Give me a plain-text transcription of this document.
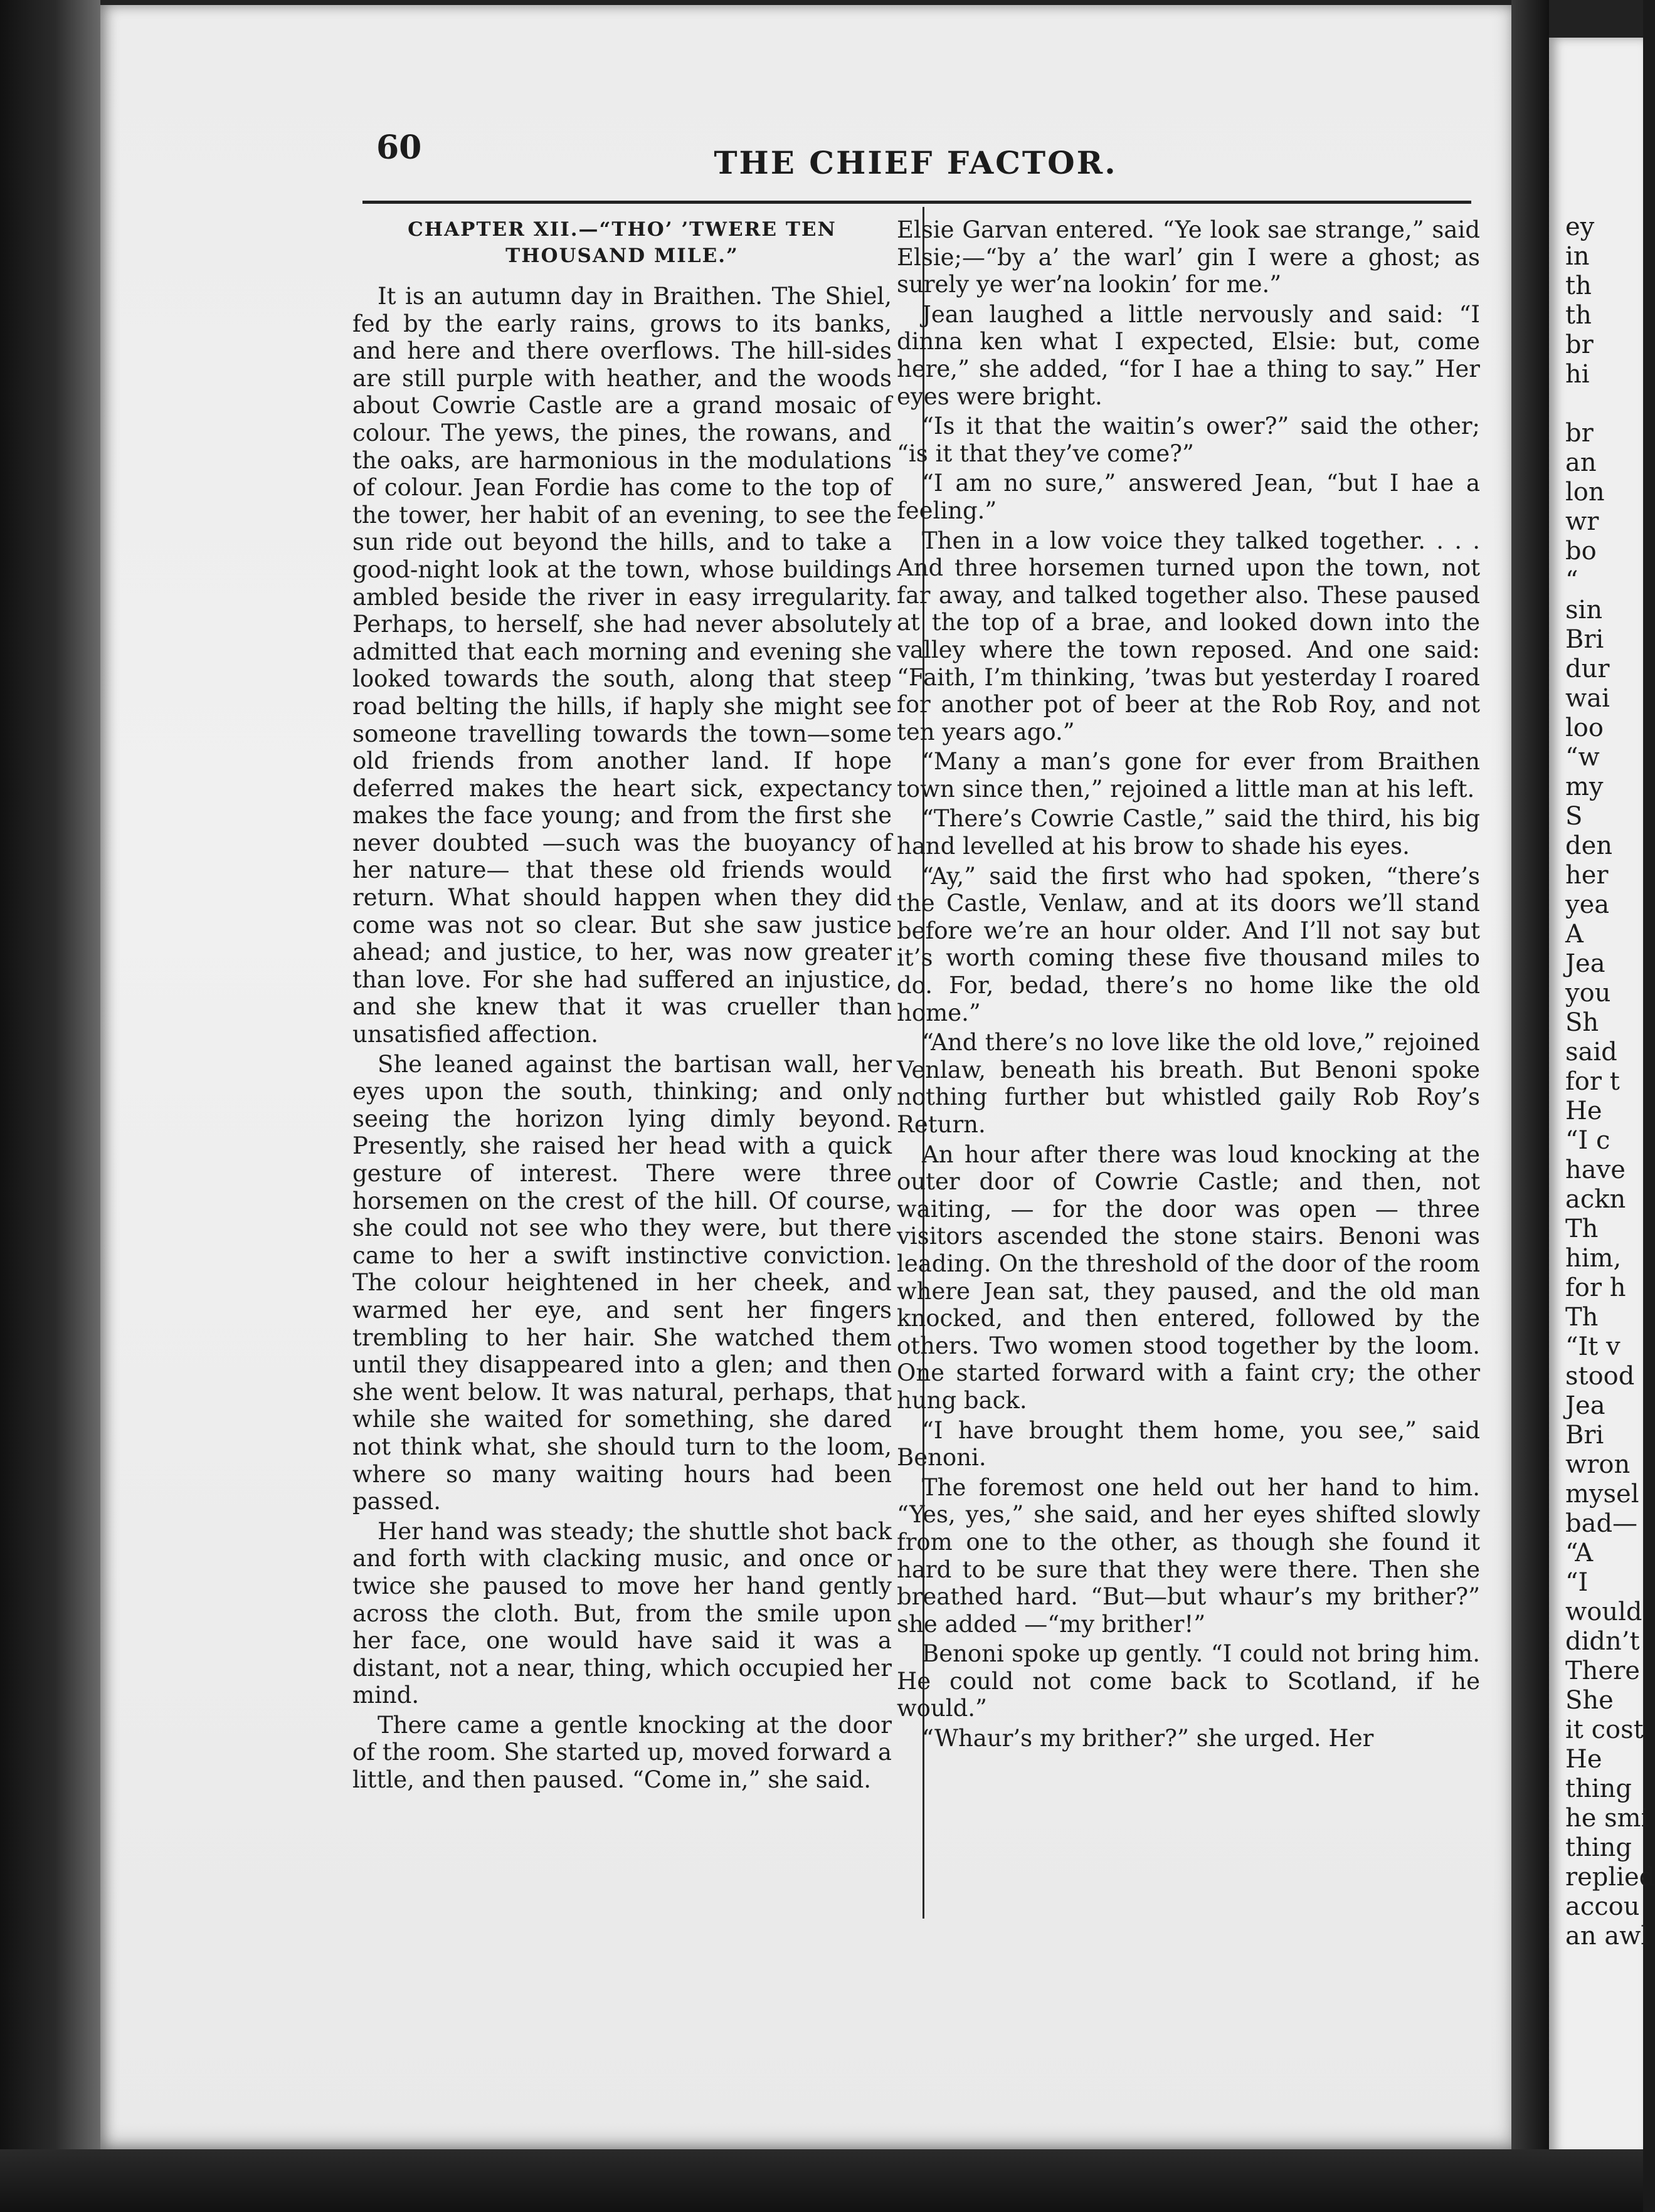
60	THE CHIEF FACTOR.
CHAPTER XII.—“THO’ ’TWERE TEN THOUSAND MILE.”

It is an autumn day in Braithen. The Shiel, fed by the early rains, grows to its banks, and here and there overflows. The hill-sides are still purple with heather, and the woods about Cowrie Castle are a grand mosaic of colour. The yews, the pines, the rowans, and the oaks, are harmonious in the modulations of colour. Jean Fordie has come to the top of the tower, her habit of an evening, to see the sun ride out beyond the hills, and to take a good-night look at the town, whose buildings ambled beside the river in easy irregularity. Perhaps, to herself, she had never absolutely admitted that each morning and evening she looked towards the south, along that steep road belting the hills, if haply she might see someone travelling towards the town—some old friends from another land. If hope deferred makes the heart sick, expectancy makes the face young; and from the first she never doubted —such was the buoyancy of her nature— that these old friends would return. What should happen when they did come was not so clear. But she saw justice ahead; and justice, to her, was now greater than love. For she had suffered an injustice, and she knew that it was crueller than unsatisfied affection.

She leaned against the bartisan wall, her eyes upon the south, thinking; and only seeing the horizon lying dimly beyond. Presently, she raised her head with a quick gesture of interest. There were three horsemen on the crest of the hill. Of course, she could not see who they were, but there came to her a swift instinctive conviction. The colour heightened in her cheek, and warmed her eye, and sent her fingers trembling to her hair. She watched them until they disappeared into a glen; and then she went below. It was natural, perhaps, that while she waited for something, she dared not think what, she should turn to the loom, where so many waiting hours had been passed.

Her hand was steady; the shuttle shot back and forth with clacking music, and once or twice she paused to move her hand gently across the cloth. But, from the smile upon her face, one would have said it was a distant, not a near, thing, which occupied her mind.

There came a gentle knocking at the door of the room. She started up, moved forward a little, and then paused. “Come in,” she said.

Elsie Garvan entered. “Ye look sae strange,” said Elsie;—“by a’ the warl’ gin I were a ghost; as surely ye wer’na lookin’ for me.”

Jean laughed a little nervously and said: “I dinna ken what I expected, Elsie: but, come here,” she added, “for I hae a thing to say.” Her eyes were bright.

“Is it that the waitin’s ower?” said the other; “is it that they’ve come?”

“I am no sure,” answered Jean, “but I hae a feeling.”

Then in a low voice they talked together. . . . And three horsemen turned upon the town, not far away, and talked together also. These paused at the top of a brae, and looked down into the valley where the town reposed. And one said: “Faith, I’m thinking, ’twas but yesterday I roared for another pot of beer at the Rob Roy, and not ten years ago.”

“Many a man’s gone for ever from Braithen town since then,” rejoined a little man at his left.

“There’s Cowrie Castle,” said the third, his big hand levelled at his brow to shade his eyes.

“Ay,” said the first who had spoken, “there’s the Castle, Venlaw, and at its doors we’ll stand before we’re an hour older. And I’ll not say but it’s worth coming these five thousand miles to do. For, bedad, there’s no home like the old home.”

“And there’s no love like the old love,” rejoined Venlaw, beneath his breath. But Benoni spoke nothing further but whistled gaily Rob Roy’s Return.

An hour after there was loud knocking at the outer door of Cowrie Castle; and then, not waiting, — for the door was open — three visitors ascended the stone stairs. Benoni was leading. On the threshold of the door of the room where Jean sat, they paused, and the old man knocked, and then entered, followed by the others. Two women stood together by the loom. One started forward with a faint cry; the other hung back.

“I have brought them home, you see,” said Benoni.

The foremost one held out her hand to him. “Yes, yes,” she said, and her eyes shifted slowly from one to the other, as though she found it hard to be sure that they were there. Then she breathed hard. “But—but whaur’s my brither?” she added —“my brither!”

Benoni spoke up gently. “I could not bring him. He could not come back to Scotland, if he would.”

“Whaur’s my brither?” she urged. Her

ey
in
th
th
br
hi
br
an
lon
wr
bo
“
sin
Bri
dur
wai
loo
“w
my
S
den
her
yea
A
Jea
you
Sh
said
for t
He
“I c
have
ackn
Th
him,
for h
Th
“It v
stood
Jea
Bri
wron
mysel
bad—
“A
“I
would
didn’t
There
She
it cost
He
thing
he smi
thing
replied
accou
an awl
